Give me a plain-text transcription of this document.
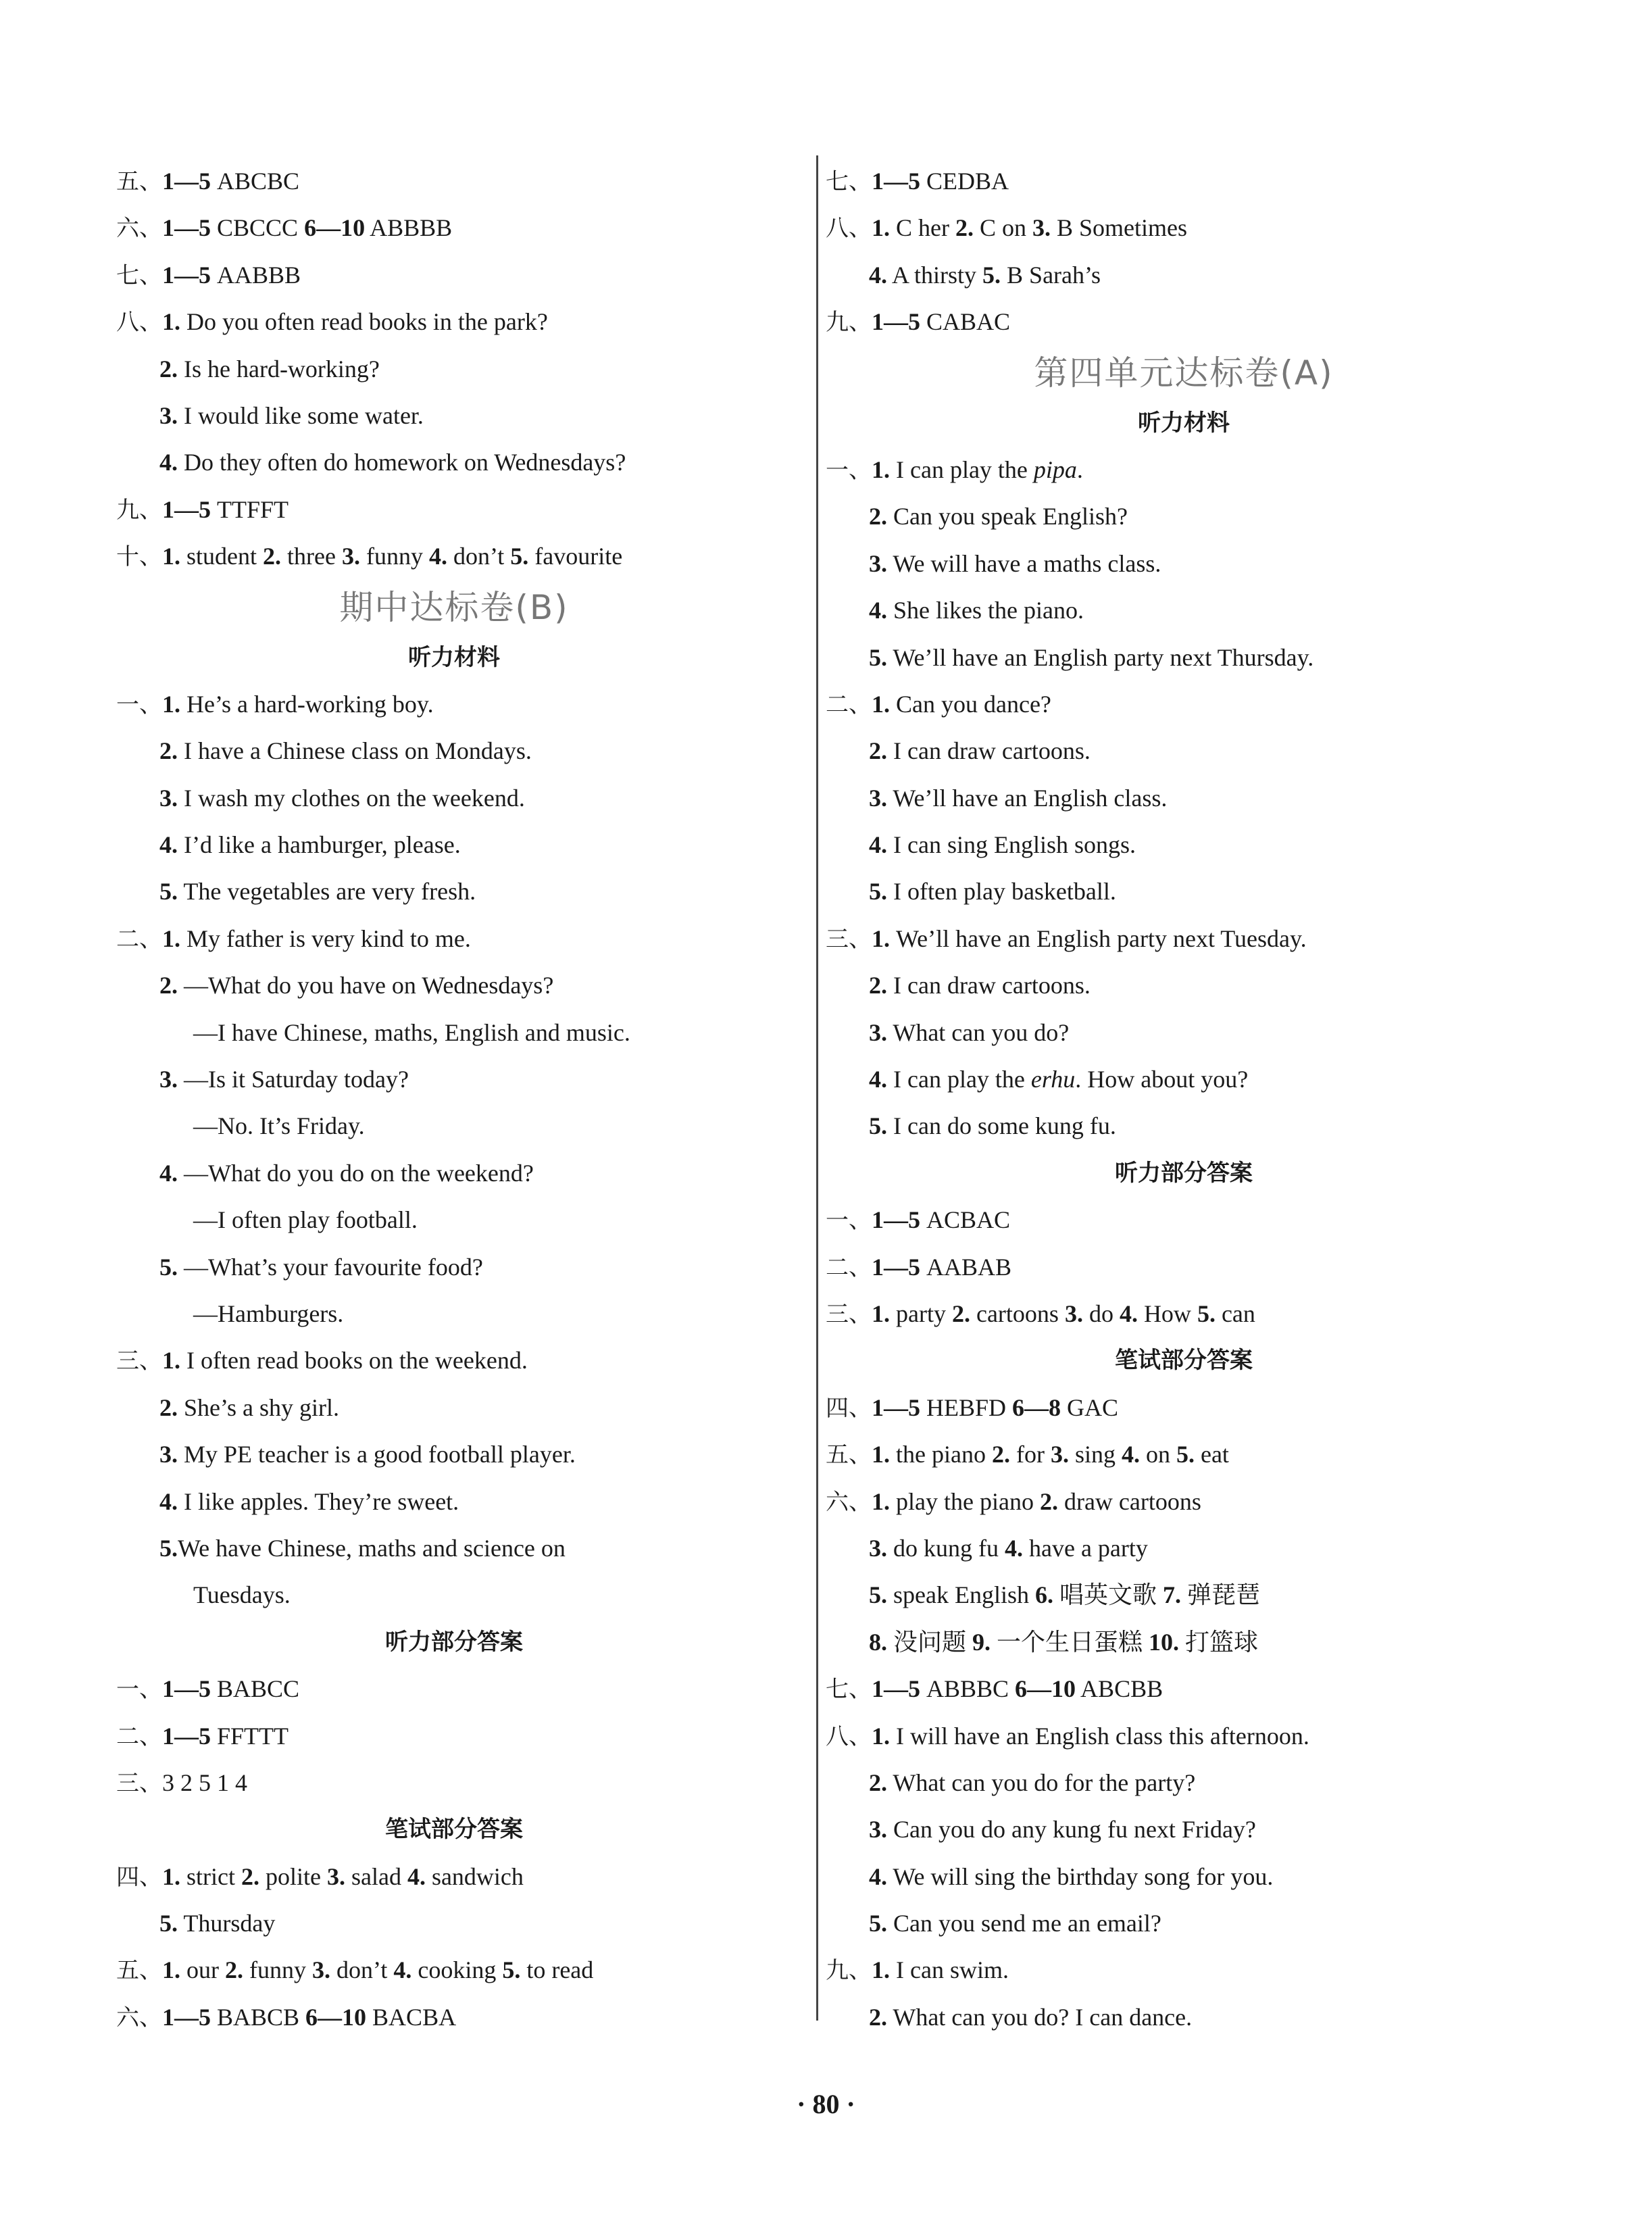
五、1—5 ABCBC
六、1—5 CBCCC 6—10 ABBBB
七、1—5 AABBB
八、1. Do you often read books in the park?
2. Is he hard-working?
3. I would like some water.
4. Do they often do homework on Wednesdays?
九、1—5 TTFFT
十、1. student 2. three 3. funny 4. don’t 5. favourite
期中达标卷(B)
听力材料
一、1. He’s a hard-working boy.
2. I have a Chinese class on Mondays.
3. I wash my clothes on the weekend.
4. I’d like a hamburger, please.
5. The vegetables are very fresh.
二、1. My father is very kind to me.
2. —What do you have on Wednesdays?
—I have Chinese, maths, English and music.
3. —Is it Saturday today?
—No. It’s Friday.
4. —What do you do on the weekend?
—I often play football.
5. —What’s your favourite food?
—Hamburgers.
三、1. I often read books on the weekend.
2. She’s a shy girl.
3. My PE teacher is a good football player.
4. I like apples. They’re sweet.
5.We have Chinese, maths and science on
Tuesdays.
听力部分答案
一、1—5 BABCC
二、1—5 FFTTT
三、3 2 5 1 4
笔试部分答案
四、1. strict 2. polite 3. salad 4. sandwich
5. Thursday
五、1. our 2. funny 3. don’t 4. cooking 5. to read
六、1—5 BABCB 6—10 BACBA
七、1—5 CEDBA
八、1. C her 2. C on 3. B Sometimes
4. A thirsty 5. B Sarah’s
九、1—5 CABAC
第四单元达标卷(A)
听力材料
一、1. I can play the pipa.
2. Can you speak English?
3. We will have a maths class.
4. She likes the piano.
5. We’ll have an English party next Thursday.
二、1. Can you dance?
2. I can draw cartoons.
3. We’ll have an English class.
4. I can sing English songs.
5. I often play basketball.
三、1. We’ll have an English party next Tuesday.
2. I can draw cartoons.
3. What can you do?
4. I can play the erhu. How about you?
5. I can do some kung fu.
听力部分答案
一、1—5 ACBAC
二、1—5 AABAB
三、1. party 2. cartoons 3. do 4. How 5. can
笔试部分答案
四、1—5 HEBFD 6—8 GAC
五、1. the piano 2. for 3. sing 4. on 5. eat
六、1. play the piano 2. draw cartoons
3. do kung fu 4. have a party
5. speak English 6. 唱英文歌 7. 弹琵琶
8. 没问题 9. 一个生日蛋糕 10. 打篮球
七、1—5 ABBBC 6—10 ABCBB
八、1. I will have an English class this afternoon.
2. What can you do for the party?
3. Can you do any kung fu next Friday?
4. We will sing the birthday song for you.
5. Can you send me an email?
九、1. I can swim.
2. What can you do? I can dance.
· 80 ·
